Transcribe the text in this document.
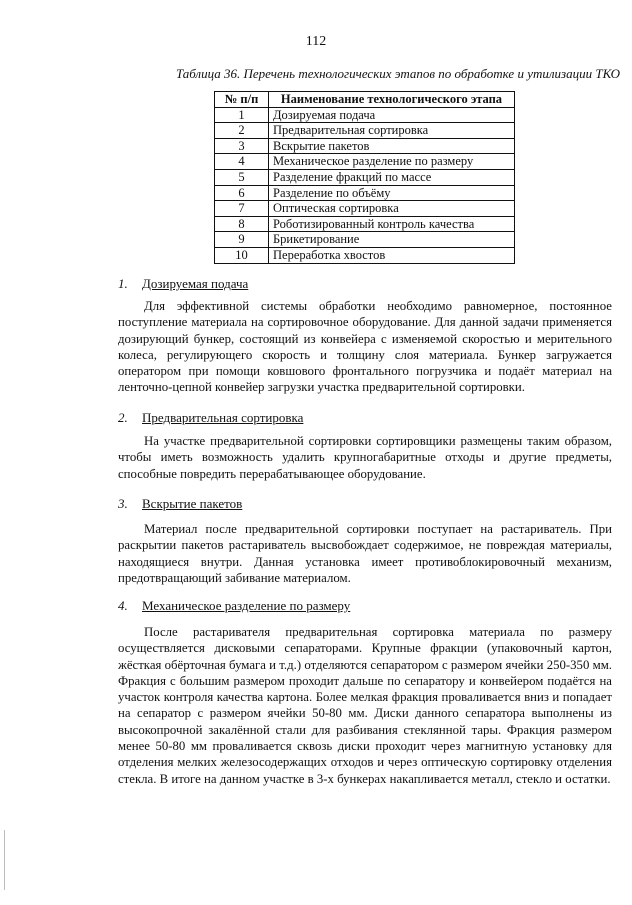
112
Таблица 36. Перечень технологических этапов по обработке и утилизации ТКО
№ п/п	Наименование технологического этапа
1	Дозируемая подача
2	Предварительная сортировка
3	Вскрытие пакетов
4	Механическое разделение по размеру
5	Разделение фракций по массе
6	Разделение по объёму
7	Оптическая сортировка
8	Роботизированный контроль качества
9	Брикетирование
10	Переработка хвостов
1. Дозируемая подача
Для эффективной системы обработки необходимо равномерное, постоянное поступление материала на сортировочное оборудование. Для данной задачи применяется дозирующий бункер, состоящий из конвейера с изменяемой скоростью и мерительного колеса, регулирующего скорость и толщину слоя материала. Бункер загружается оператором при помощи ковшового фронтального погрузчика и подаёт материал на ленточно-цепной конвейер загрузки участка предварительной сортировки.
2. Предварительная сортировка
На участке предварительной сортировки сортировщики размещены таким образом, чтобы иметь возможность удалить крупногабаритные отходы и другие предметы, способные повредить перерабатывающее оборудование.
3. Вскрытие пакетов
Материал после предварительной сортировки поступает на растариватель. При раскрытии пакетов растариватель высвобождает содержимое, не повреждая материалы, находящиеся внутри. Данная установка имеет противоблокировочный механизм, предотвращающий забивание материалом.
4. Механическое разделение по размеру
После растаривателя предварительная сортировка материала по размеру осуществляется дисковыми сепараторами. Крупные фракции (упаковочный картон, жёсткая обёрточная бумага и т.д.) отделяются сепаратором с размером ячейки 250-350 мм. Фракция с большим размером проходит дальше по сепаратору и конвейером подаётся на участок контроля качества картона. Более мелкая фракция проваливается вниз и попадает на сепаратор с размером ячейки 50-80 мм. Диски данного сепаратора выполнены из высокопрочной закалённой стали для разбивания стеклянной тары. Фракция размером менее 50-80 мм проваливается сквозь диски проходит через магнитную установку для отделения мелких железосодержащих отходов и через оптическую сортировку отделения стекла. В итоге на данном участке в 3-х бункерах накапливается металл, стекло и остатки.
